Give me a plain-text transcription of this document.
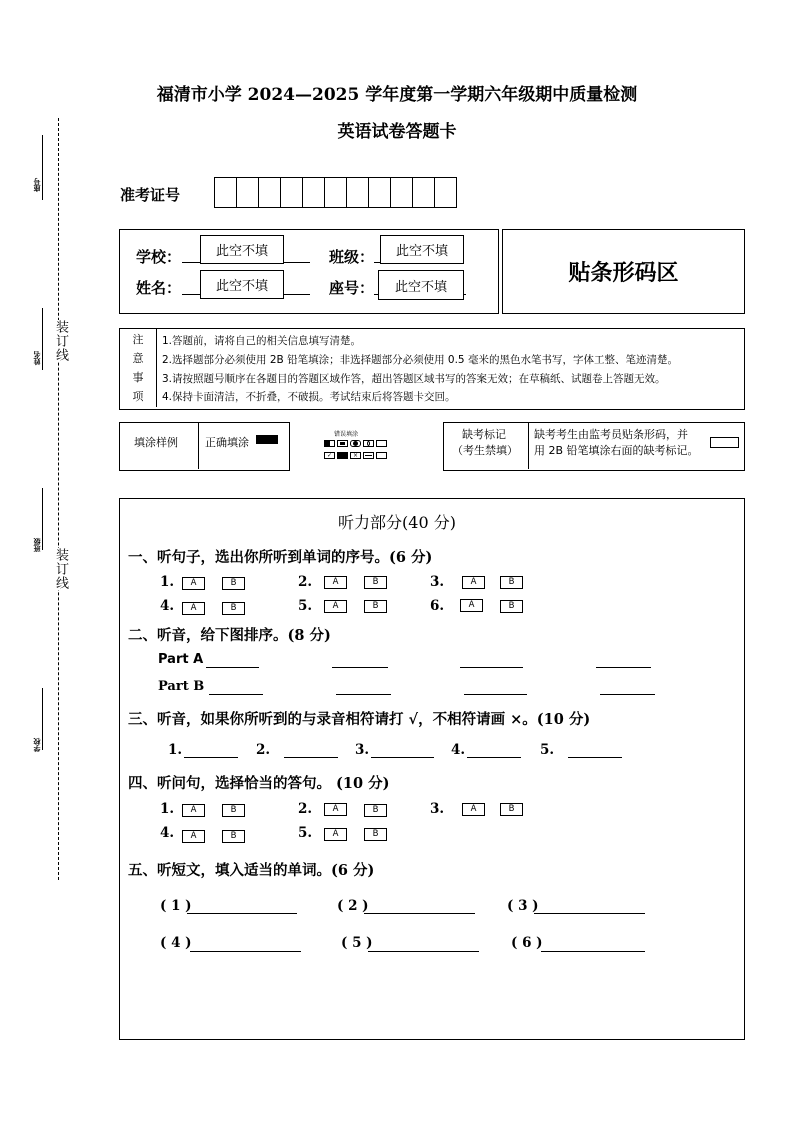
福清市小学 2024—2025 学年度第一学期六年级期中质量检测
英语试卷答题卡
座号
姓名 装订线
班级
装订线
学校
准考证号
学校：	此空不填	班级：	此空不填
姓名：	此空不填	座号：	此空不填
贴条形码区
注
意
事
项
1.答题前，请将自己的相关信息填写清楚。
2.选择题部分必须使用 2B 铅笔填涂；非选择题部分必须使用 0.5 毫米的黑色水笔书写，字体工整、笔迹清楚。
3.请按照题号顺序在各题目的答题区域作答，超出答题区域书写的答案无效；在草稿纸、试题卷上答题无效。
4.保持卡面清洁，不折叠，不破损。考试结束后将答题卡交回。
填涂样例 正确填涂
错误填涂
✓	×
缺考标记
（考生禁填）
缺考考生由监考员贴条形码，并
用 2B 铅笔填涂右面的缺考标记。
听力部分(40 分)
一、听句子，选出你所听到单词的序号。(6 分)
1.	A	B	2.	A	B	3.	A	B
4.	A	B	5.	A	B	6.	A	B
二、听音，给下图排序。(8 分)
Part A
Part B
三、听音，如果你所听到的与录音相符请打 √，不相符请画 ×。(10 分)
1.	2.	3.	4.	5.
四、听问句，选择恰当的答句。 (10 分)
1.	A	B	2.	A	B	3.	A	B
4.	A	B	5.	A	B
五、听短文，填入适当的单词。(6 分)
( 1 )	( 2 )	( 3 )
( 4 )	( 5 )	( 6 )
